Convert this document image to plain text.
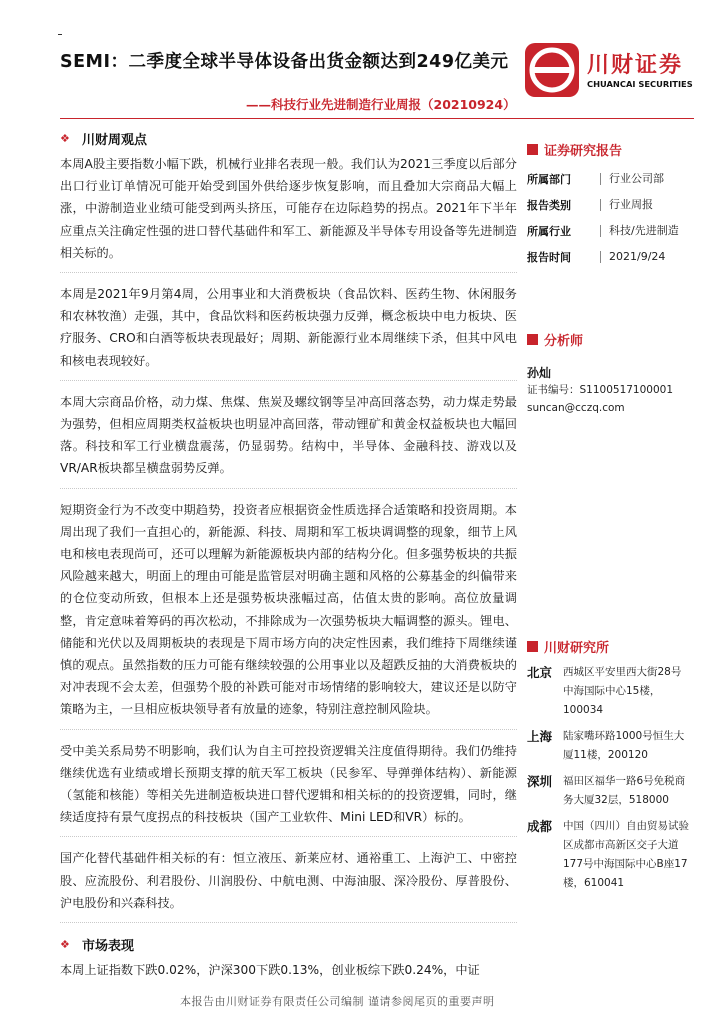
SEMI：二季度全球半导体设备出货金额达到249亿美元
——科技行业先进制造行业周报（20210924）
川财证券
CHUANCAI SECURITIES
❖ 川财周观点
本周A股主要指数小幅下跌，机械行业排名表现一般。我们认为2021三季度以后部分出口行业订单情况可能开始受到国外供给逐步恢复影响，而且叠加大宗商品大幅上涨，中游制造业业绩可能受到两头挤压，可能存在边际趋势的拐点。2021年下半年应重点关注确定性强的进口替代基础件和军工、新能源及半导体专用设备等先进制造相关标的。
本周是2021年9月第4周，公用事业和大消费板块（食品饮料、医药生物、休闲服务和农林牧渔）走强，其中，食品饮料和医药板块强力反弹，概念板块中电力板块、医疗服务、CRO和白酒等板块表现最好；周期、新能源行业本周继续下杀，但其中风电和核电表现较好。
本周大宗商品价格，动力煤、焦煤、焦炭及螺纹钢等呈冲高回落态势，动力煤走势最为强势，但相应周期类权益板块也明显冲高回落，带动锂矿和黄金权益板块也大幅回落。科技和军工行业横盘震荡，仍显弱势。结构中，半导体、金融科技、游戏以及VR/AR板块都呈横盘弱势反弹。
短期资金行为不改变中期趋势，投资者应根据资金性质选择合适策略和投资周期。本周出现了我们一直担心的，新能源、科技、周期和军工板块调调整的现象，细节上风电和核电表现尚可，还可以理解为新能源板块内部的结构分化。但多强势板块的共振风险越来越大，明面上的理由可能是监管层对明确主题和风格的公募基金的纠偏带来的仓位变动所致，但根本上还是强势板块涨幅过高，估值太贵的影响。高位放量调整，肯定意味着筹码的再次松动，不排除成为一次强势板块大幅调整的源头。锂电、储能和光伏以及周期板块的表现是下周市场方向的决定性因素，我们维持下周继续谨慎的观点。虽然指数的压力可能有继续较强的公用事业以及超跌反抽的大消费板块的对冲表现不会太差，但强势个股的补跌可能对市场情绪的影响较大，建议还是以防守策略为主，一旦相应板块领导者有放量的迹象，特别注意控制风险块。
受中美关系局势不明影响，我们认为自主可控投资逻辑关注度值得期待。我们仍维持继续优选有业绩或增长预期支撑的航天军工板块（民参军、导弹弹体结构）、新能源（氢能和核能）等相关先进制造板块进口替代逻辑和相关标的的投资逻辑，同时，继续适度持有景气度拐点的科技板块（国产工业软件、Mini LED和VR）标的。
国产化替代基础件相关标的有：恒立液压、新莱应材、通裕重工、上海沪工、中密控股、应流股份、利君股份、川润股份、中航电测、中海油服、深冷股份、厚普股份、沪电股份和兴森科技。
❖ 市场表现
本周上证指数下跌0.02%，沪深300下跌0.13%，创业板综下跌0.24%，中证
证券研究报告
所属部门	行业公司部
报告类别	行业周报
所属行业	科技/先进制造
报告时间	2021/9/24
分析师
孙灿
证书编号：S1100517100001
suncan@cczq.com
川财研究所
北京	西城区平安里西大街28号中海国际中心15楼，100034
上海	陆家嘴环路1000号恒生大厦11楼，200120
深圳	福田区福华一路6号免税商务大厦32层，518000
成都	中国（四川）自由贸易试验区成都市高新区交子大道177号中海国际中心B座17楼，610041
本报告由川财证券有限责任公司编制 谨请参阅尾页的重要声明
